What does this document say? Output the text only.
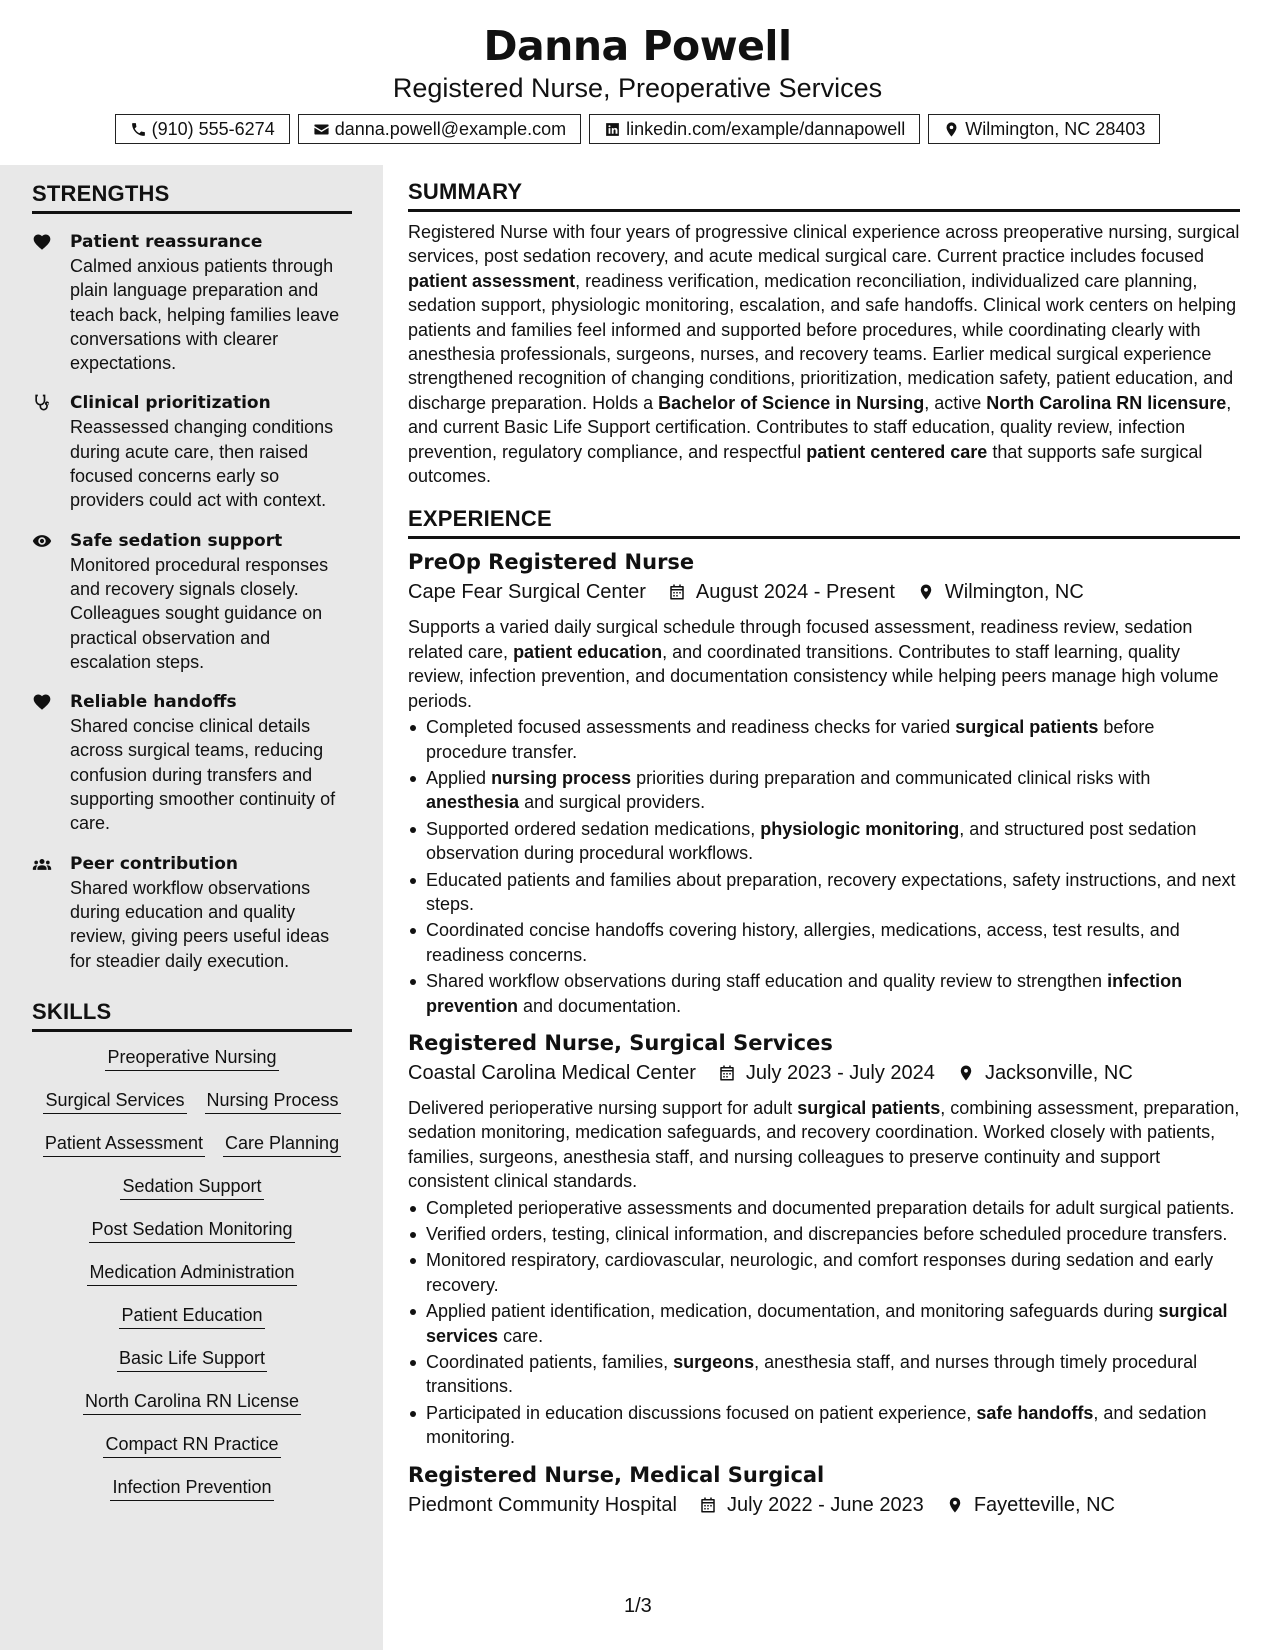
Danna Powell
Registered Nurse, Preoperative Services
(910) 555-6274	danna.powell@example.com	linkedin.com/example/dannapowell	Wilmington, NC 28403
STRENGTHS
Patient reassurance
Calmed anxious patients through plain language preparation and teach back, helping families leave conversations with clearer expectations.
Clinical prioritization
Reassessed changing conditions during acute care, then raised focused concerns early so providers could act with context.
Safe sedation support
Monitored procedural responses and recovery signals closely. Colleagues sought guidance on practical observation and escalation steps.
Reliable handoffs
Shared concise clinical details across surgical teams, reducing confusion during transfers and supporting smoother continuity of care.
Peer contribution
Shared workflow observations during education and quality review, giving peers useful ideas for steadier daily execution.
SKILLS
Preoperative Nursing
Surgical Services Nursing Process
Patient Assessment Care Planning
Sedation Support
Post Sedation Monitoring
Medication Administration
Patient Education
Basic Life Support
North Carolina RN License
Compact RN Practice
Infection Prevention
SUMMARY
Registered Nurse with four years of progressive clinical experience across preoperative nursing, surgical services, post sedation recovery, and acute medical surgical care. Current practice includes focused patient assessment, readiness verification, medication reconciliation, individualized care planning, sedation support, physiologic monitoring, escalation, and safe handoffs. Clinical work centers on helping patients and families feel informed and supported before procedures, while coordinating clearly with anesthesia professionals, surgeons, nurses, and recovery teams. Earlier medical surgical experience strengthened recognition of changing conditions, prioritization, medication safety, patient education, and discharge preparation. Holds a Bachelor of Science in Nursing, active North Carolina RN licensure, and current Basic Life Support certification. Contributes to staff education, quality review, infection prevention, regulatory compliance, and respectful patient centered care that supports safe surgical outcomes.
EXPERIENCE
PreOp Registered Nurse
Cape Fear Surgical Center	August 2024 - Present	Wilmington, NC
Supports a varied daily surgical schedule through focused assessment, readiness review, sedation related care, patient education, and coordinated transitions. Contributes to staff learning, quality review, infection prevention, and documentation consistency while helping peers manage high volume periods.
Completed focused assessments and readiness checks for varied surgical patients before procedure transfer.
Applied nursing process priorities during preparation and communicated clinical risks with anesthesia and surgical providers.
Supported ordered sedation medications, physiologic monitoring, and structured post sedation observation during procedural workflows.
Educated patients and families about preparation, recovery expectations, safety instructions, and next steps.
Coordinated concise handoffs covering history, allergies, medications, access, test results, and readiness concerns.
Shared workflow observations during staff education and quality review to strengthen infection prevention and documentation.
Registered Nurse, Surgical Services
Coastal Carolina Medical Center	July 2023 - July 2024	Jacksonville, NC
Delivered perioperative nursing support for adult surgical patients, combining assessment, preparation, sedation monitoring, medication safeguards, and recovery coordination. Worked closely with patients, families, surgeons, anesthesia staff, and nursing colleagues to preserve continuity and support consistent clinical standards.
Completed perioperative assessments and documented preparation details for adult surgical patients.
Verified orders, testing, clinical information, and discrepancies before scheduled procedure transfers.
Monitored respiratory, cardiovascular, neurologic, and comfort responses during sedation and early recovery.
Applied patient identification, medication, documentation, and monitoring safeguards during surgical services care.
Coordinated patients, families, surgeons, anesthesia staff, and nurses through timely procedural transitions.
Participated in education discussions focused on patient experience, safe handoffs, and sedation monitoring.
Registered Nurse, Medical Surgical
Piedmont Community Hospital	July 2022 - June 2023	Fayetteville, NC
1/3
